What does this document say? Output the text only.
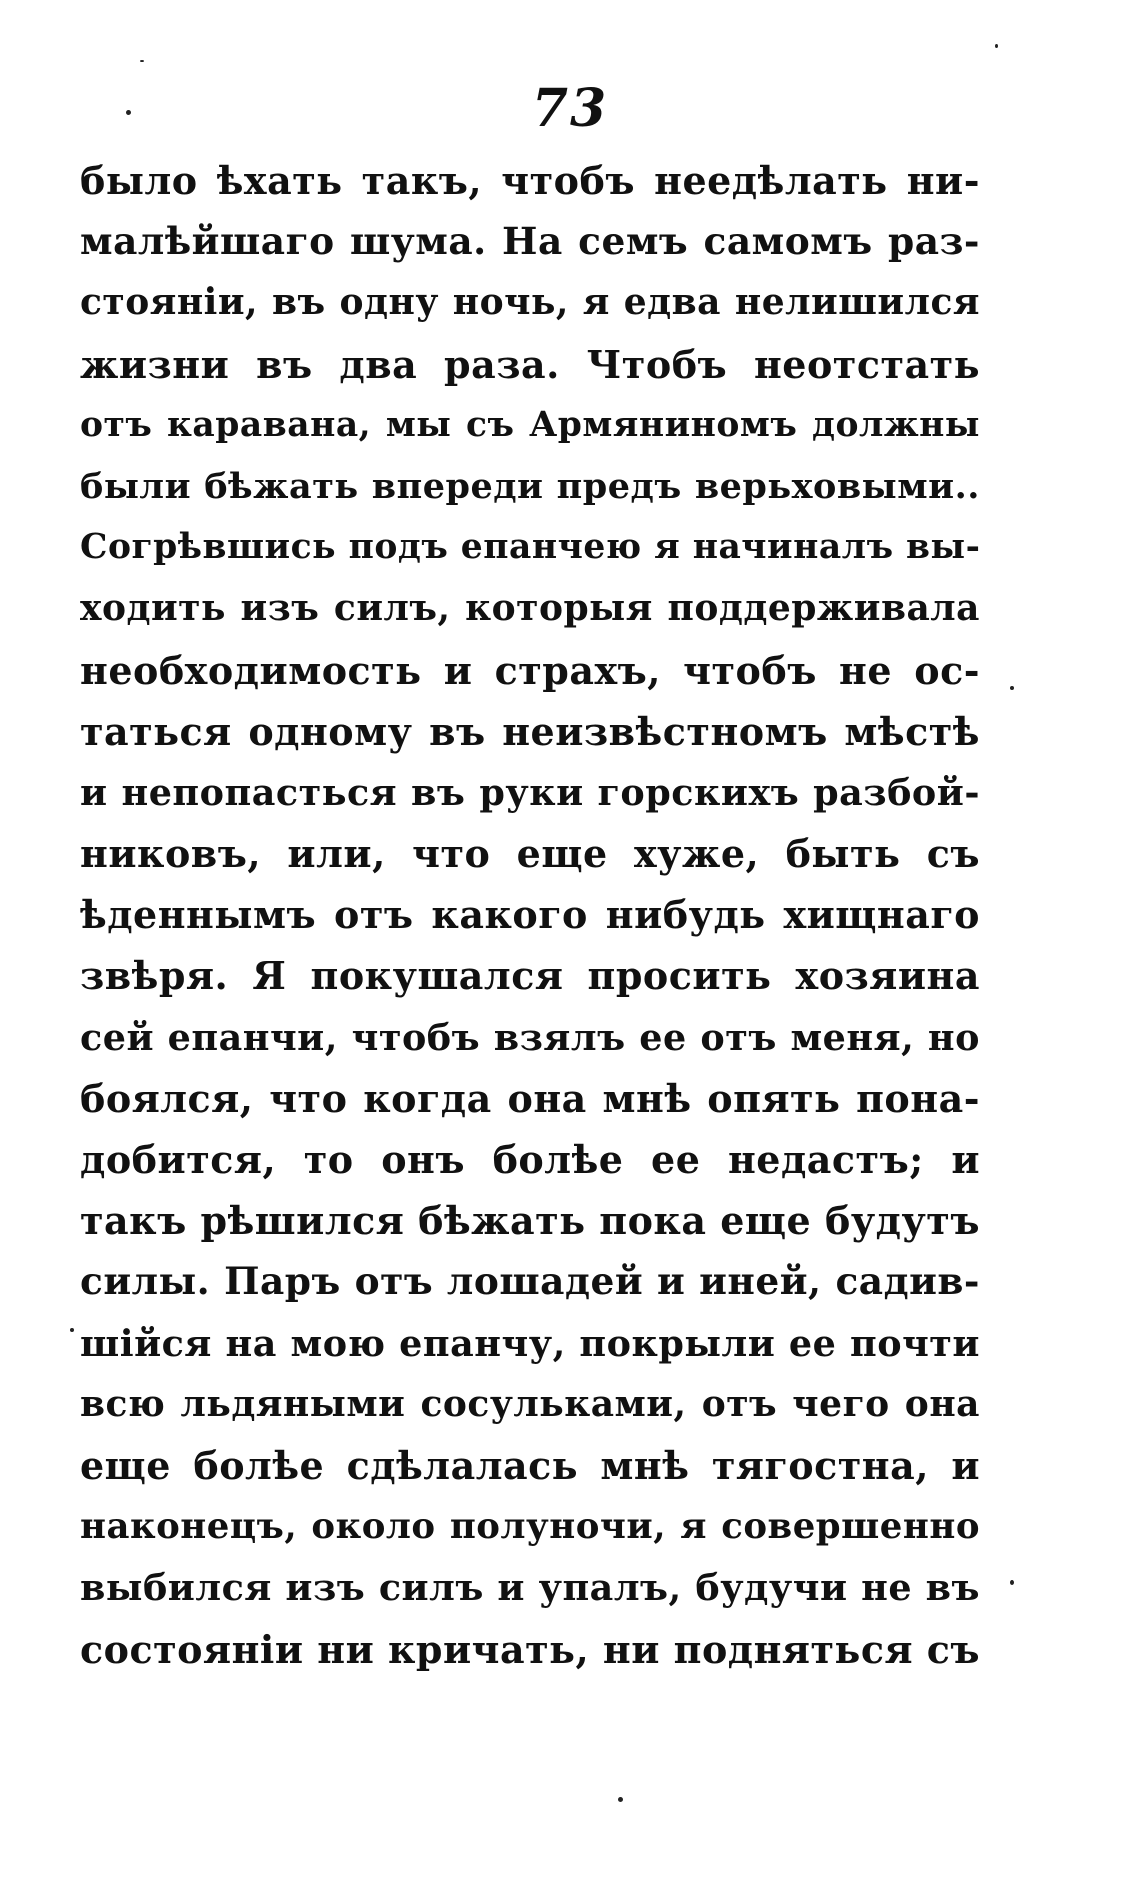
73
было ѣхать такъ, чтобъ неедѣлать ни-
малѣйшаго шума. На семъ самомъ раз-
стояніи, въ одну ночь, я едва нелишился
жизни въ два раза. Чтобъ неотстать
отъ каравана, мы съ Армяниномъ должны
были бѣжать впереди предъ верьховыми..
Согрѣвшись подъ епанчею я начиналъ вы-
ходить изъ силъ, которыя поддерживала
необходимость и страхъ, чтобъ не ос-
таться одному въ неизвѣстномъ мѣстѣ
и непопасться въ руки горскихъ разбой-
никовъ, или, что еще хуже, быть съ
ѣденнымъ отъ какого нибудь хищнаго
звѣря. Я покушался просить хозяина
сей епанчи, чтобъ взялъ ее отъ меня, но
боялся, что когда она мнѣ опять пона-
добится, то онъ болѣе ее недастъ; и
такъ рѣшился бѣжать пока еще будутъ
силы. Паръ отъ лошадей и иней, садив-
шійся на мою епанчу, покрыли ее почти
всю льдяными сосульками, отъ чего она
еще болѣе сдѣлалась мнѣ тягостна, и
наконецъ, около полуночи, я совершенно
выбился изъ силъ и упалъ, будучи не въ
состояніи ни кричать, ни подняться съ
